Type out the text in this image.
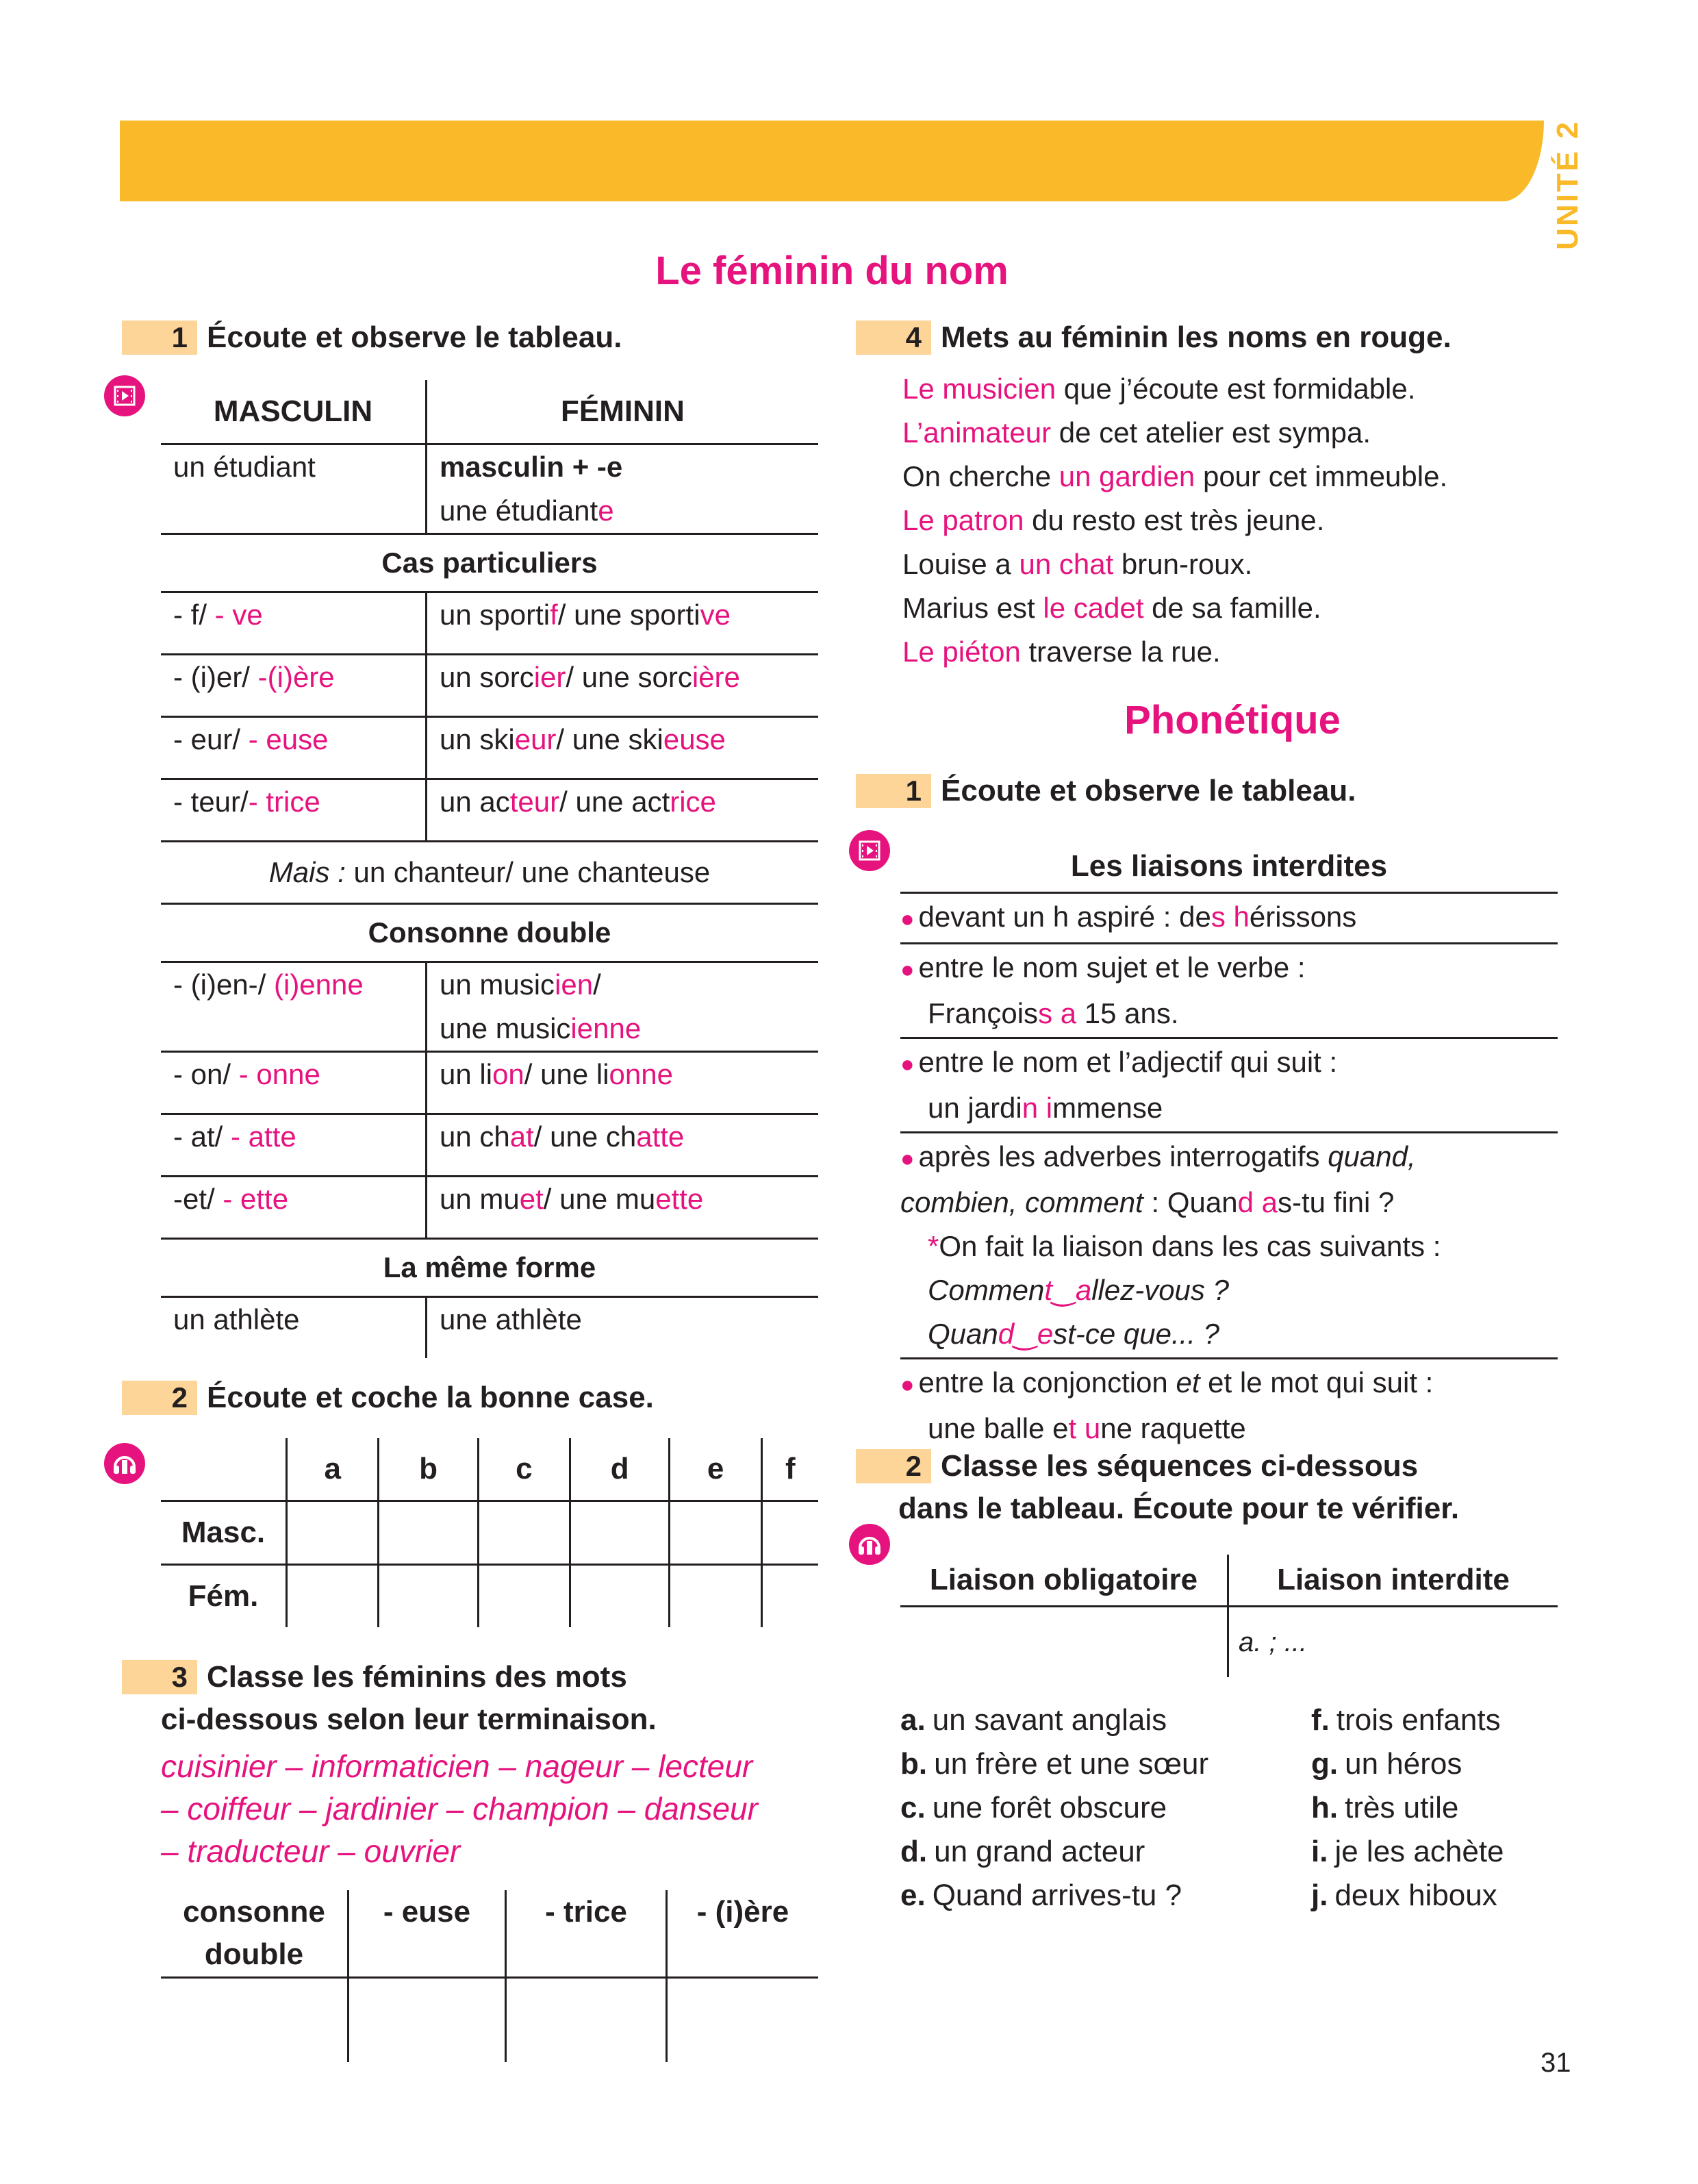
UNITÉ 2
Le féminin du nom
1 Écoute et observe le tableau.
MASCULIN	FÉMININ
un étudiant	masculin + -e
une étudiante

Cas particuliers	
- f/ - ve	un sportif/ une sportive
- (i)er/ -(i)ère	un sorcier/ une sorcière
- eur/ - euse	un skieur/ une skieuse
- teur/- trice	un acteur/ une actrice
Mais : un chanteur/ une chanteuse	
Consonne double	
- (i)en-/ (i)enne	un musicien/
une musicienne

- on/ - onne	un lion/ une lionne
- at/ - atte	un chat/ une chatte
-et/ - ette	un muet/ une muette
La même forme	
un athlète	une athlète
2 Écoute et coche la bonne case.
	a	b	c	d	e	f
Masc.						
Fém.						
3 Classe les féminins des mots
ci-dessous selon leur terminaison.
cuisinier – informaticien – nageur – lecteur
– coiffeur – jardinier – champion – danseur
– traducteur – ouvrier
consonne double	- euse	- trice	- (i)ère

4 Mets au féminin les noms en rouge.
Le musicien que j’écoute est formidable.
L’animateur de cet atelier est sympa.
On cherche un gardien pour cet immeuble.
Le patron du resto est très jeune.
Louise a un chat brun-roux.
Marius est le cadet de sa famille.
Le piéton traverse la rue.
Phonétique
1 Écoute et observe le tableau.
Les liaisons interdites
● devant un h aspiré : des hérissons
● entre le nom sujet et le verbe :
Françoiss a 15 ans.
● entre le nom et l’adjectif qui suit :
un jardin immense
● après les adverbes interrogatifs quand,
combien, comment : Quand as-tu fini ?
*On fait la liaison dans les cas suivants :
Comment‿allez-vous ?
Quand‿est-ce que... ?
● entre la conjonction et et le mot qui suit :
une balle et une raquette
2 Classe les séquences ci-dessous
dans le tableau. Écoute pour te vérifier.
Liaison obligatoire	Liaison interdite
	a. ; ...
a. un savant anglais	f. trois enfants
b. un frère et une sœur	g. un héros
c. une forêt obscure	h. très utile
d. un grand acteur	i. je les achète
e. Quand arrives-tu ?	j. deux hiboux
31
